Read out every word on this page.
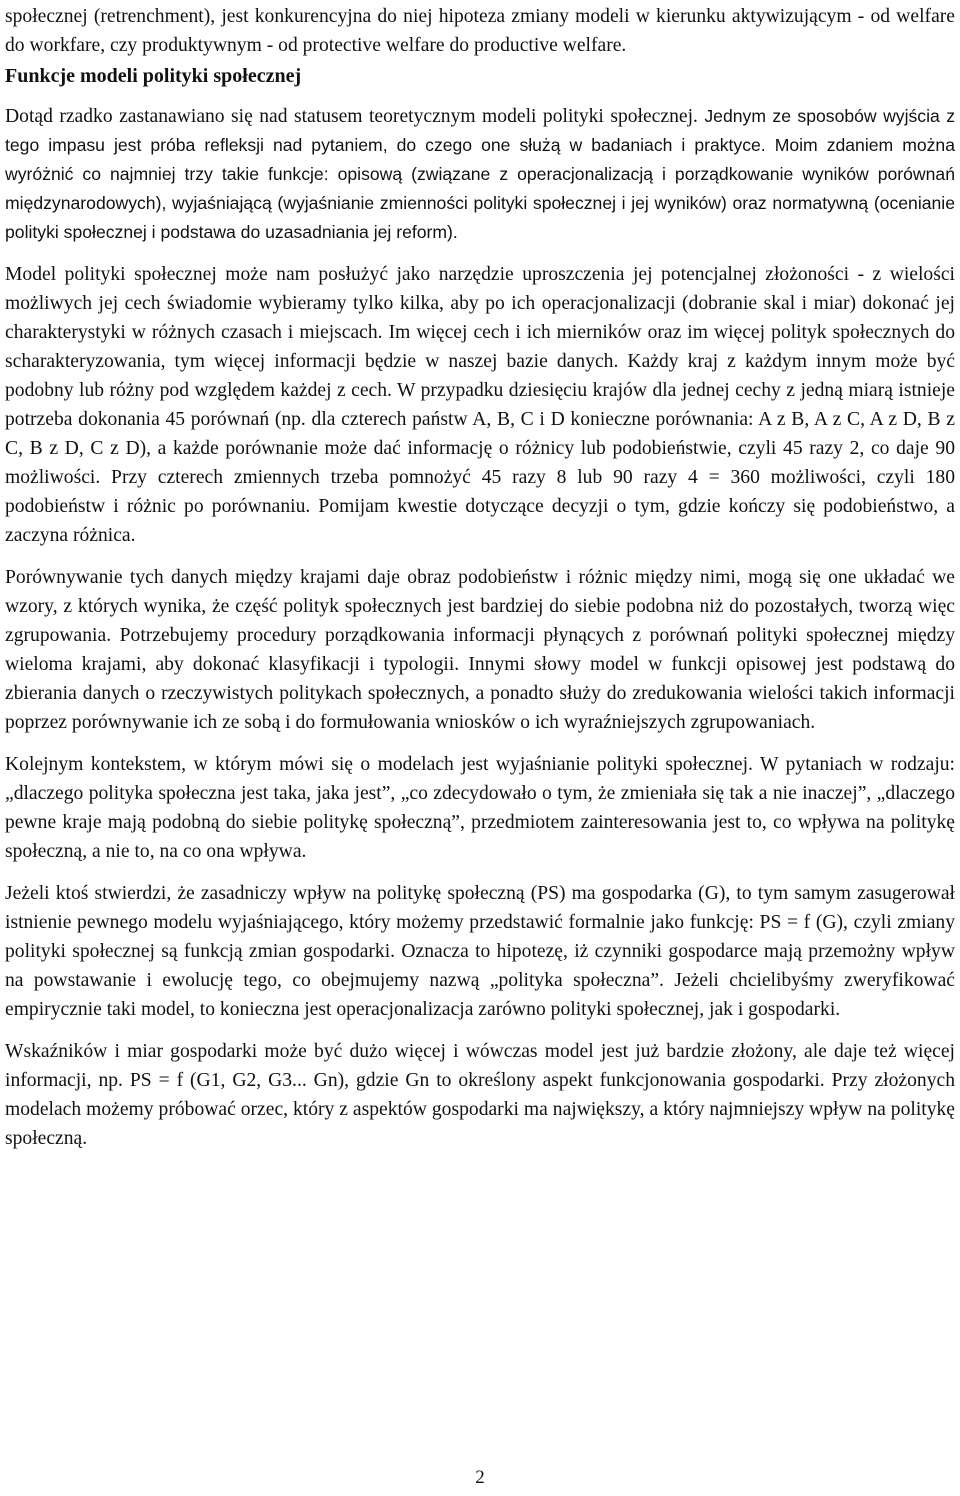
społecznej (retrenchment), jest konkurencyjna do niej hipoteza zmiany modeli w kierunku aktywizującym - od welfare do workfare, czy produktywnym - od protective welfare do productive welfare.

Funkcje modeli polityki społecznej

Dotąd rzadko zastanawiano się nad statusem teoretycznym modeli polityki społecznej. Jednym ze sposobów wyjścia z tego impasu jest próba refleksji nad pytaniem, do czego one służą w badaniach i praktyce. Moim zdaniem można wyróżnić co najmniej trzy takie funkcje: opisową (związane z operacjonalizacją i porządkowanie wyników porównań międzynarodowych), wyjaśniającą (wyjaśnianie zmienności polityki społecznej i jej wyników) oraz normatywną (ocenianie polityki społecznej i podstawa do uzasadniania jej reform).

Model polityki społecznej może nam posłużyć jako narzędzie uproszczenia jej potencjalnej złożoności - z wielości możliwych jej cech świadomie wybieramy tylko kilka, aby po ich operacjonalizacji (dobranie skal i miar) dokonać jej charakterystyki w różnych czasach i miejscach. Im więcej cech i ich mierników oraz im więcej polityk społecznych do scharakteryzowania, tym więcej informacji będzie w naszej bazie danych. Każdy kraj z każdym innym może być podobny lub różny pod względem każdej z cech. W przypadku dziesięciu krajów dla jednej cechy z jedną miarą istnieje potrzeba dokonania 45 porównań (np. dla czterech państw A, B, C i D konieczne porównania: A z B, A z C, A z D, B z C, B z D, C z D), a każde porównanie może dać informację o różnicy lub podobieństwie, czyli 45 razy 2, co daje 90 możliwości. Przy czterech zmiennych trzeba pomnożyć 45 razy 8 lub 90 razy 4 = 360 możliwości, czyli 180 podobieństw i różnic po porównaniu. Pomijam kwestie dotyczące decyzji o tym, gdzie kończy się podobieństwo, a zaczyna różnica.

Porównywanie tych danych między krajami daje obraz podobieństw i różnic między nimi, mogą się one układać we wzory, z których wynika, że część polityk społecznych jest bardziej do siebie podobna niż do pozostałych, tworzą więc zgrupowania. Potrzebujemy procedury porządkowania informacji płynących z porównań polityki społecznej między wieloma krajami, aby dokonać klasyfikacji i typologii. Innymi słowy model w funkcji opisowej jest podstawą do zbierania danych o rzeczywistych politykach społecznych, a ponadto służy do zredukowania wielości takich informacji poprzez porównywanie ich ze sobą i do formułowania wniosków o ich wyraźniejszych zgrupowaniach.

Kolejnym kontekstem, w którym mówi się o modelach jest wyjaśnianie polityki społecznej. W pytaniach w rodzaju: „dlaczego polityka społeczna jest taka, jaka jest”, „co zdecydowało o tym, że zmieniała się tak a nie inaczej”, „dlaczego pewne kraje mają podobną do siebie politykę społeczną”, przedmiotem zainteresowania jest to, co wpływa na politykę społeczną, a nie to, na co ona wpływa.

Jeżeli ktoś stwierdzi, że zasadniczy wpływ na politykę społeczną (PS) ma gospodarka (G), to tym samym zasugerował istnienie pewnego modelu wyjaśniającego, który możemy przedstawić formalnie jako funkcję: PS = f (G), czyli zmiany polityki społecznej są funkcją zmian gospodarki. Oznacza to hipotezę, iż czynniki gospodarce mają przemożny wpływ na powstawanie i ewolucję tego, co obejmujemy nazwą „polityka społeczna”. Jeżeli chcielibyśmy zweryfikować empirycznie taki model, to konieczna jest operacjonalizacja zarówno polityki społecznej, jak i gospodarki.

Wskaźników i miar gospodarki może być dużo więcej i wówczas model jest już bardzie złożony, ale daje też więcej informacji, np. PS = f (G1, G2, G3... Gn), gdzie Gn to określony aspekt funkcjonowania gospodarki. Przy złożonych modelach możemy próbować orzec, który z aspektów gospodarki ma największy, a który najmniejszy wpływ na politykę społeczną.

2
